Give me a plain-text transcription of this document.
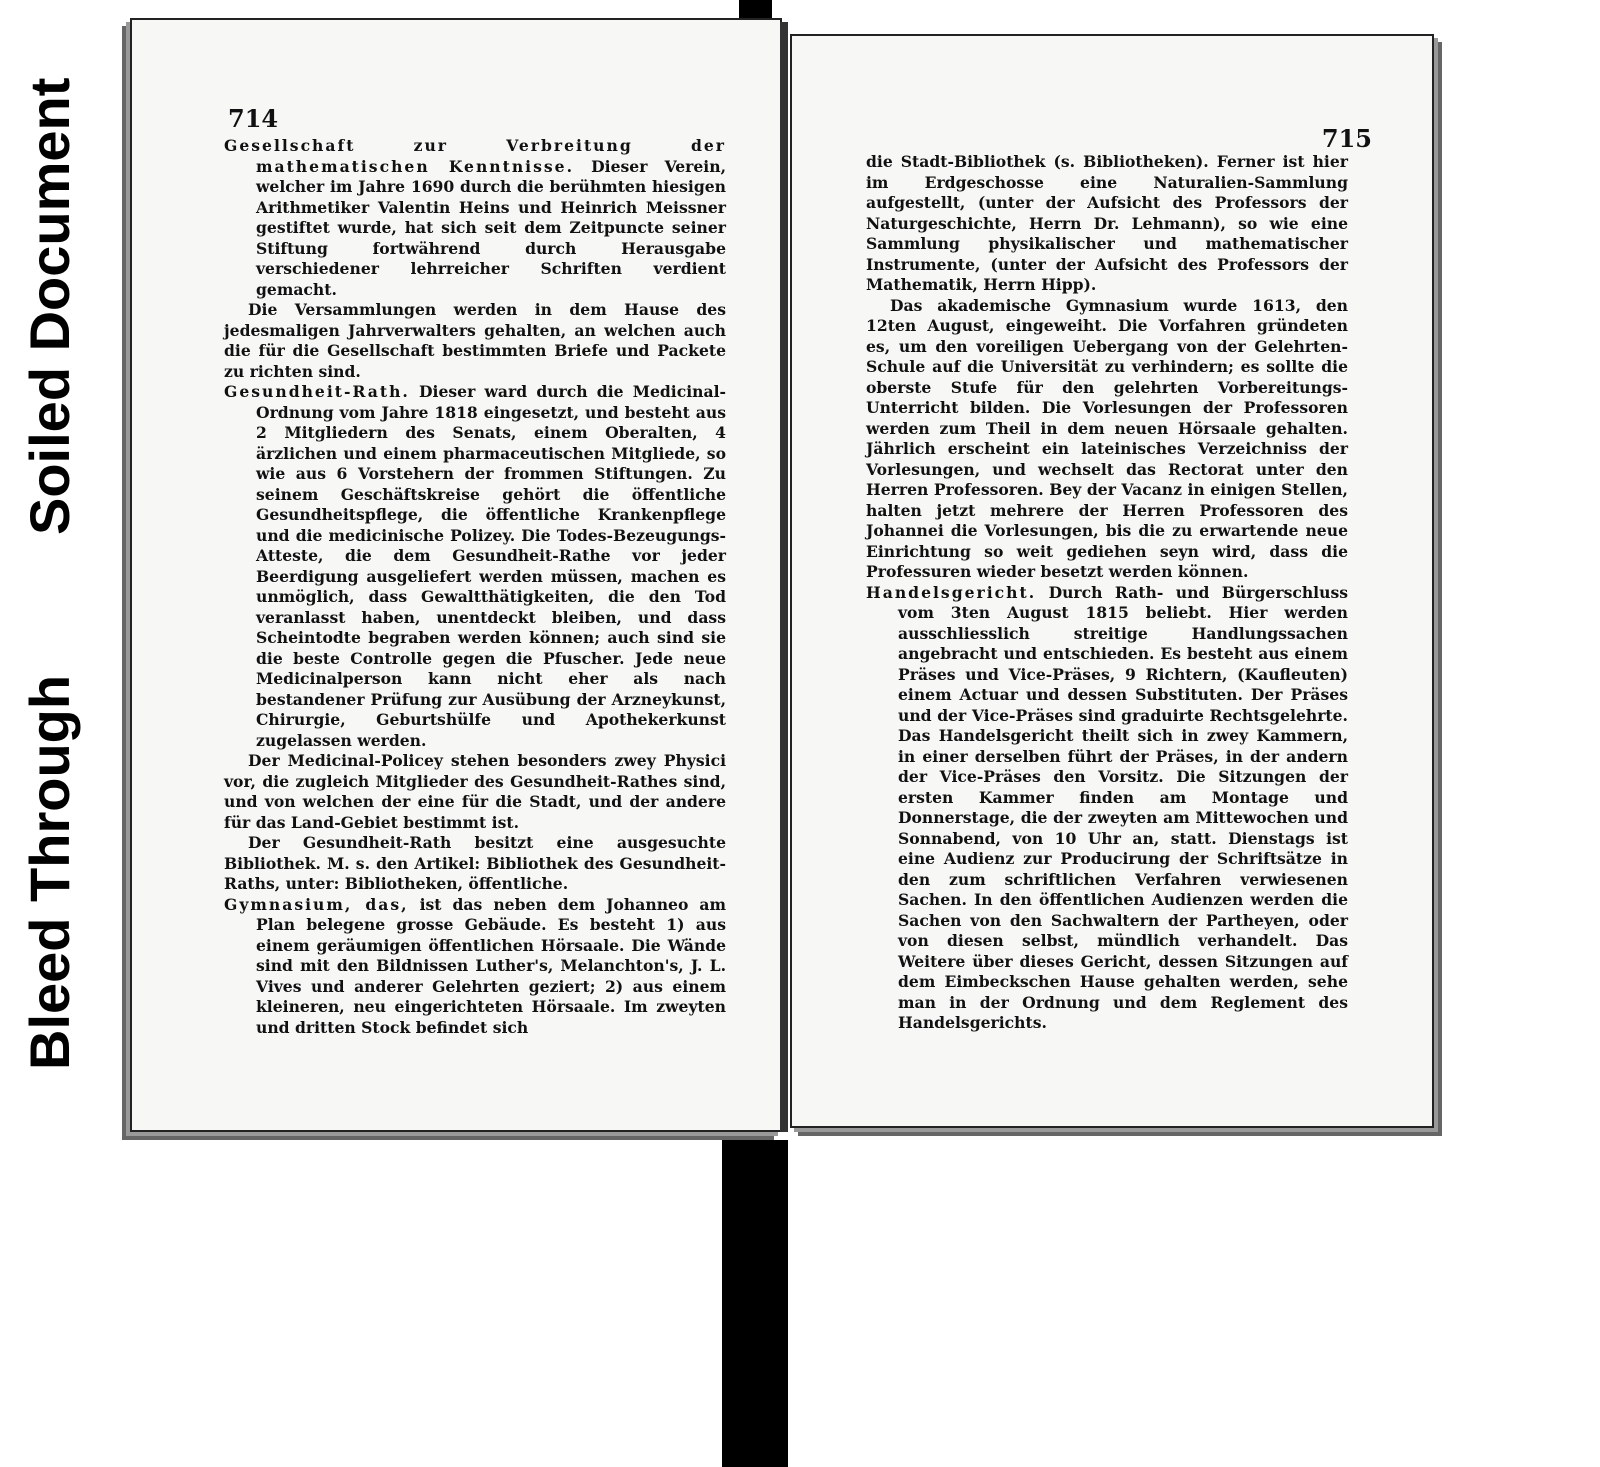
Bleed Through
Soiled Document	714

Gesellschaft zur Verbreitung der mathematischen Kenntnisse. Dieser Verein, welcher im Jahre 1690 durch die berühmten hiesigen Arithmetiker Valentin Heins und Heinrich Meissner gestiftet wurde, hat sich seit dem Zeitpuncte seiner Stiftung fortwährend durch Herausgabe verschiedener lehrreicher Schriften verdient gemacht.

Die Versammlungen werden in dem Hause des jedesmaligen Jahrverwalters gehalten, an welchen auch die für die Gesellschaft bestimmten Briefe und Packete zu richten sind.

Gesundheit-Rath. Dieser ward durch die Medicinal-Ordnung vom Jahre 1818 eingesetzt, und besteht aus 2 Mitgliedern des Senats, einem Oberalten, 4 ärzlichen und einem pharmaceutischen Mitgliede, so wie aus 6 Vorstehern der frommen Stiftungen. Zu seinem Geschäftskreise gehört die öffentliche Gesundheitspflege, die öffentliche Krankenpflege und die medicinische Polizey. Die Todes-Bezeugungs-Atteste, die dem Gesundheit-Rathe vor jeder Beerdigung ausgeliefert werden müssen, machen es unmöglich, dass Gewaltthätigkeiten, die den Tod veranlasst haben, unentdeckt bleiben, und dass Scheintodte begraben werden können; auch sind sie die beste Controlle gegen die Pfuscher. Jede neue Medicinalperson kann nicht eher als nach bestandener Prüfung zur Ausübung der Arzneykunst, Chirurgie, Geburtshülfe und Apothekerkunst zugelassen werden.

Der Medicinal-Policey stehen besonders zwey Physici vor, die zugleich Mitglieder des Gesundheit-Rathes sind, und von welchen der eine für die Stadt, und der andere für das Land-Gebiet bestimmt ist.

Der Gesundheit-Rath besitzt eine ausgesuchte Bibliothek. M. s. den Artikel: Bibliothek des Gesundheit-Raths, unter: Bibliotheken, öffentliche.

Gymnasium, das, ist das neben dem Johanneo am Plan belegene grosse Gebäude. Es besteht 1) aus einem geräumigen öffentlichen Hörsaale. Die Wände sind mit den Bildnissen Luther's, Melanchton's, J. L. Vives und anderer Gelehrten geziert; 2) aus einem kleineren, neu eingerichteten Hörsaale. Im zweyten und dritten Stock befindet sich

715

die Stadt-Bibliothek (s. Bibliotheken). Ferner ist hier im Erdgeschosse eine Naturalien-Sammlung aufgestellt, (unter der Aufsicht des Professors der Naturgeschichte, Herrn Dr. Lehmann), so wie eine Sammlung physikalischer und mathematischer Instrumente, (unter der Aufsicht des Professors der Mathematik, Herrn Hipp).

Das akademische Gymnasium wurde 1613, den 12ten August, eingeweiht. Die Vorfahren gründeten es, um den voreiligen Uebergang von der Gelehrten-Schule auf die Universität zu verhindern; es sollte die oberste Stufe für den gelehrten Vorbereitungs-Unterricht bilden. Die Vorlesungen der Professoren werden zum Theil in dem neuen Hörsaale gehalten. Jährlich erscheint ein lateinisches Verzeichniss der Vorlesungen, und wechselt das Rectorat unter den Herren Professoren. Bey der Vacanz in einigen Stellen, halten jetzt mehrere der Herren Professoren des Johannei die Vorlesungen, bis die zu erwartende neue Einrichtung so weit gediehen seyn wird, dass die Professuren wieder besetzt werden können.

Handelsgericht. Durch Rath- und Bürgerschluss vom 3ten August 1815 beliebt. Hier werden ausschliesslich streitige Handlungssachen angebracht und entschieden. Es besteht aus einem Präses und Vice-Präses, 9 Richtern, (Kaufleuten) einem Actuar und dessen Substituten. Der Präses und der Vice-Präses sind graduirte Rechtsgelehrte. Das Handelsgericht theilt sich in zwey Kammern, in einer derselben führt der Präses, in der andern der Vice-Präses den Vorsitz. Die Sitzungen der ersten Kammer finden am Montage und Donnerstage, die der zweyten am Mittewochen und Sonnabend, von 10 Uhr an, statt. Dienstags ist eine Audienz zur Producirung der Schriftsätze in den zum schriftlichen Verfahren verwiesenen Sachen. In den öffentlichen Audienzen werden die Sachen von den Sachwaltern der Partheyen, oder von diesen selbst, mündlich verhandelt. Das Weitere über dieses Gericht, dessen Sitzungen auf dem Eimbeckschen Hause gehalten werden, sehe man in der Ordnung und dem Reglement des Handelsgerichts.
